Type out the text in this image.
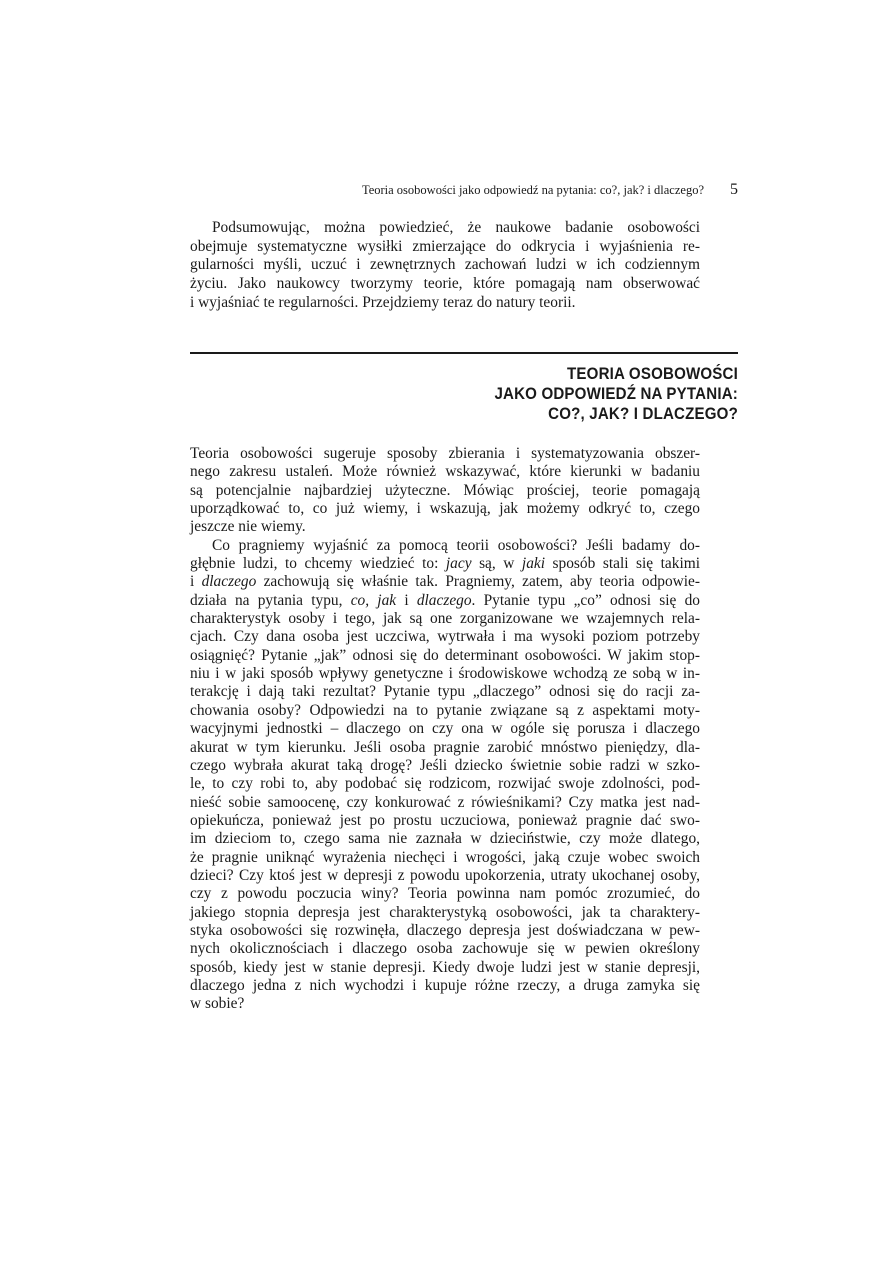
Teoria osobowości jako odpowiedź na pytania: co?, jak? i dlaczego? 5

Podsumowując, można powiedzieć, że naukowe badanie osobowości
obejmuje systematyczne wysiłki zmierzające do odkrycia i wyjaśnienia re-
gularności myśli, uczuć i zewnętrznych zachowań ludzi w ich codziennym
życiu. Jako naukowcy tworzymy teorie, które pomagają nam obserwować
i wyjaśniać te regularności. Przejdziemy teraz do natury teorii.

TEORIA OSOBOWOŚCI
JAKO ODPOWIEDŹ NA PYTANIA:
CO?, JAK? I DLACZEGO?
Teoria osobowości sugeruje sposoby zbierania i systematyzowania obszer-
nego zakresu ustaleń. Może również wskazywać, które kierunki w badaniu
są potencjalnie najbardziej użyteczne. Mówiąc prościej, teorie pomagają
uporządkować to, co już wiemy, i wskazują, jak możemy odkryć to, czego
jeszcze nie wiemy.
Co pragniemy wyjaśnić za pomocą teorii osobowości? Jeśli badamy do-
głębnie ludzi, to chcemy wiedzieć to: jacy są, w jaki sposób stali się takimi
i dlaczego zachowują się właśnie tak. Pragniemy, zatem, aby teoria odpowie-
działa na pytania typu, co, jak i dlaczego. Pytanie typu „co” odnosi się do
charakterystyk osoby i tego, jak są one zorganizowane we wzajemnych rela-
cjach. Czy dana osoba jest uczciwa, wytrwała i ma wysoki poziom potrzeby
osiągnięć? Pytanie „jak” odnosi się do determinant osobowości. W jakim stop-
niu i w jaki sposób wpływy genetyczne i środowiskowe wchodzą ze sobą w in-
terakcję i dają taki rezultat? Pytanie typu „dlaczego” odnosi się do racji za-
chowania osoby? Odpowiedzi na to pytanie związane są z aspektami moty-
wacyjnymi jednostki – dlaczego on czy ona w ogóle się porusza i dlaczego
akurat w tym kierunku. Jeśli osoba pragnie zarobić mnóstwo pieniędzy, dla-
czego wybrała akurat taką drogę? Jeśli dziecko świetnie sobie radzi w szko-
le, to czy robi to, aby podobać się rodzicom, rozwijać swoje zdolności, pod-
nieść sobie samoocenę, czy konkurować z rówieśnikami? Czy matka jest nad-
opiekuńcza, ponieważ jest po prostu uczuciowa, ponieważ pragnie dać swo-
im dzieciom to, czego sama nie zaznała w dzieciństwie, czy może dlatego,
że pragnie uniknąć wyrażenia niechęci i wrogości, jaką czuje wobec swoich
dzieci? Czy ktoś jest w depresji z powodu upokorzenia, utraty ukochanej osoby,
czy z powodu poczucia winy? Teoria powinna nam pomóc zrozumieć, do
jakiego stopnia depresja jest charakterystyką osobowości, jak ta charaktery-
styka osobowości się rozwinęła, dlaczego depresja jest doświadczana w pew-
nych okolicznościach i dlaczego osoba zachowuje się w pewien określony
sposób, kiedy jest w stanie depresji. Kiedy dwoje ludzi jest w stanie depresji,
dlaczego jedna z nich wychodzi i kupuje różne rzeczy, a druga zamyka się
w sobie?
